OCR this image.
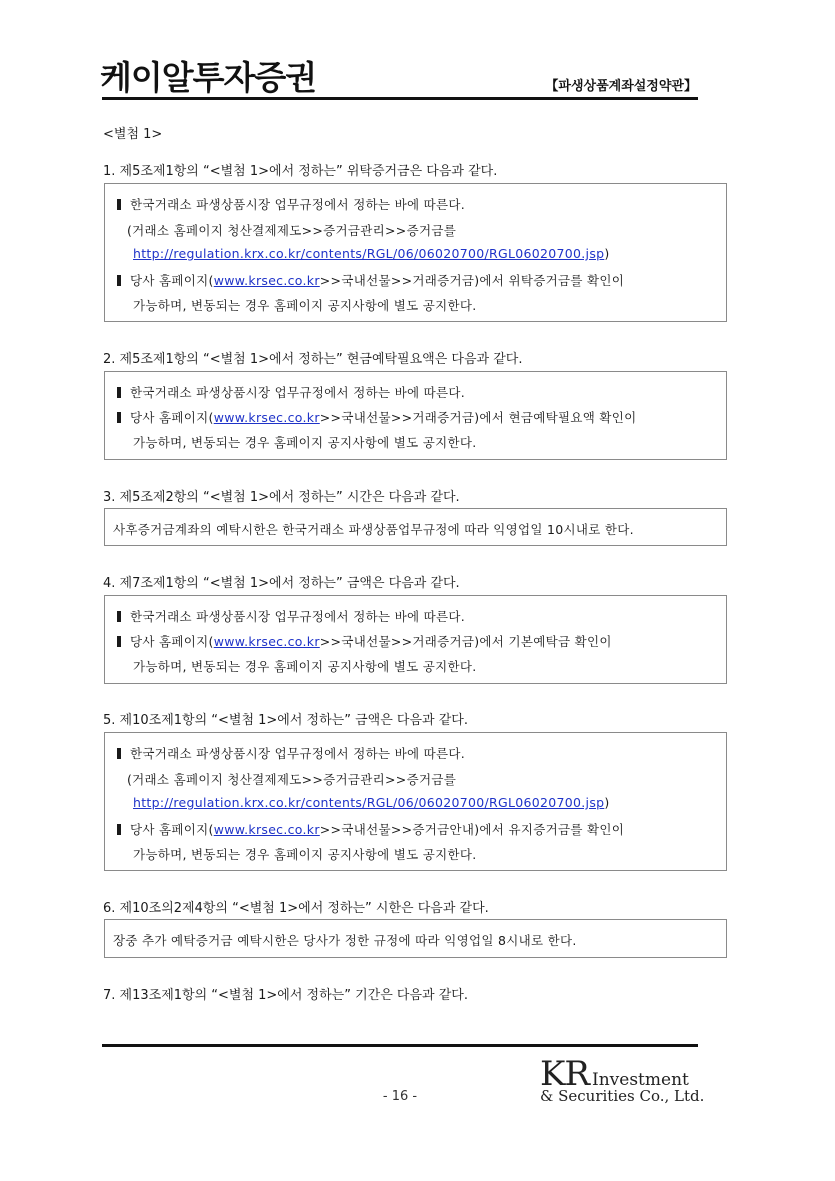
케이알투자증권	【파생상품계좌설정약관】
<별첨 1>
1. 제5조제1항의 “<별첨 1>에서 정하는” 위탁증거금은 다음과 같다.
한국거래소 파생상품시장 업무규정에서 정하는 바에 따른다.
(거래소 홈페이지 청산결제제도>>증거금관리>>증거금를
http://regulation.krx.co.kr/contents/RGL/06/06020700/RGL06020700.jsp)
당사 홈페이지(www.krsec.co.kr>>국내선물>>거래증거금)에서 위탁증거금를 확인이
가능하며, 변동되는 경우 홈페이지 공지사항에 별도 공지한다.
2. 제5조제1항의 “<별첨 1>에서 정하는” 현금예탁필요액은 다음과 같다.
한국거래소 파생상품시장 업무규정에서 정하는 바에 따른다.
당사 홈페이지(www.krsec.co.kr>>국내선물>>거래증거금)에서 현금예탁필요액 확인이
가능하며, 변동되는 경우 홈페이지 공지사항에 별도 공지한다.
3. 제5조제2항의 “<별첨 1>에서 정하는” 시간은 다음과 같다.
사후증거금계좌의 예탁시한은 한국거래소 파생상품업무규정에 따라 익영업일 10시내로 한다.
4. 제7조제1항의 “<별첨 1>에서 정하는” 금액은 다음과 같다.
한국거래소 파생상품시장 업무규정에서 정하는 바에 따른다.
당사 홈페이지(www.krsec.co.kr>>국내선물>>거래증거금)에서 기본예탁금 확인이
가능하며, 변동되는 경우 홈페이지 공지사항에 별도 공지한다.
5. 제10조제1항의 “<별첨 1>에서 정하는” 금액은 다음과 같다.
한국거래소 파생상품시장 업무규정에서 정하는 바에 따른다.
(거래소 홈페이지 청산결제제도>>증거금관리>>증거금를
http://regulation.krx.co.kr/contents/RGL/06/06020700/RGL06020700.jsp)
당사 홈페이지(www.krsec.co.kr>>국내선물>>증거금안내)에서 유지증거금를 확인이
가능하며, 변동되는 경우 홈페이지 공지사항에 별도 공지한다.
6. 제10조의2제4항의 “<별첨 1>에서 정하는” 시한은 다음과 같다.
장중 추가 예탁증거금 예탁시한은 당사가 정한 규정에 따라 익영업일 8시내로 한다.
7. 제13조제1항의 “<별첨 1>에서 정하는” 기간은 다음과 같다.
- 16 -
KR Investment
& Securities Co., Ltd.
